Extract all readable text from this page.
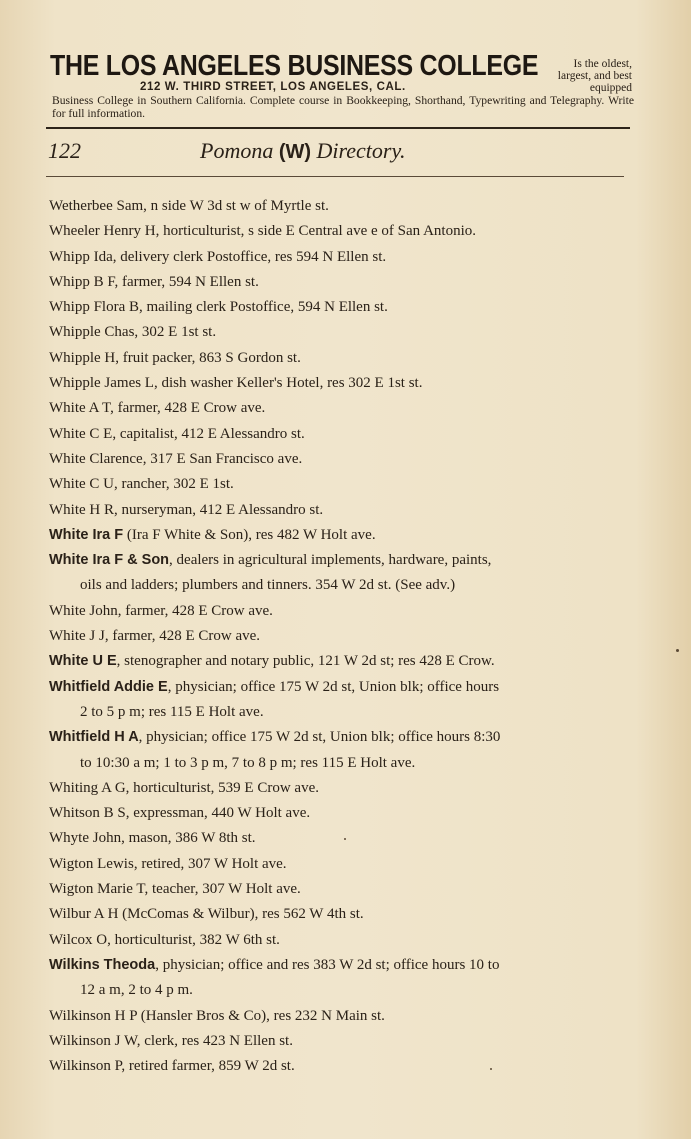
THE LOS ANGELES BUSINESS COLLEGE	Is the oldest, largest, and best equipped
212 W. THIRD STREET, LOS ANGELES, CAL.
Business College in Southern California. Complete course in Bookkeeping, Shorthand, Typewriting and Telegraphy. Write for full information.
122	Pomona (W) Directory.
Wetherbee Sam, n side W 3d st w of Myrtle st.
Wheeler Henry H, horticulturist, s side E Central ave e of San Antonio.
Whipp Ida, delivery clerk Postoffice, res 594 N Ellen st.
Whipp B F, farmer, 594 N Ellen st.
Whipp Flora B, mailing clerk Postoffice, 594 N Ellen st.
Whipple Chas, 302 E 1st st.
Whipple H, fruit packer, 863 S Gordon st.
Whipple James L, dish washer Keller's Hotel, res 302 E 1st st.
White A T, farmer, 428 E Crow ave.
White C E, capitalist, 412 E Alessandro st.
White Clarence, 317 E San Francisco ave.
White C U, rancher, 302 E 1st.
White H R, nurseryman, 412 E Alessandro st.
White Ira F (Ira F White & Son), res 482 W Holt ave.
White Ira F & Son, dealers in agricultural implements, hardware, paints,
oils and ladders; plumbers and tinners. 354 W 2d st. (See adv.)
White John, farmer, 428 E Crow ave.
White J J, farmer, 428 E Crow ave.
White U E, stenographer and notary public, 121 W 2d st; res 428 E Crow.
Whitfield Addie E, physician; office 175 W 2d st, Union blk; office hours
2 to 5 p m; res 115 E Holt ave.
Whitfield H A, physician; office 175 W 2d st, Union blk; office hours 8:30
to 10:30 a m; 1 to 3 p m, 7 to 8 p m; res 115 E Holt ave.
Whiting A G, horticulturist, 539 E Crow ave.
Whitson B S, expressman, 440 W Holt ave.
Whyte John, mason, 386 W 8th st.
Wigton Lewis, retired, 307 W Holt ave.
Wigton Marie T, teacher, 307 W Holt ave.
Wilbur A H (McComas & Wilbur), res 562 W 4th st.
Wilcox O, horticulturist, 382 W 6th st.
Wilkins Theoda, physician; office and res 383 W 2d st; office hours 10 to
12 a m, 2 to 4 p m.
Wilkinson H P (Hansler Bros & Co), res 232 N Main st.
Wilkinson J W, clerk, res 423 N Ellen st.
Wilkinson P, retired farmer, 859 W 2d st.
